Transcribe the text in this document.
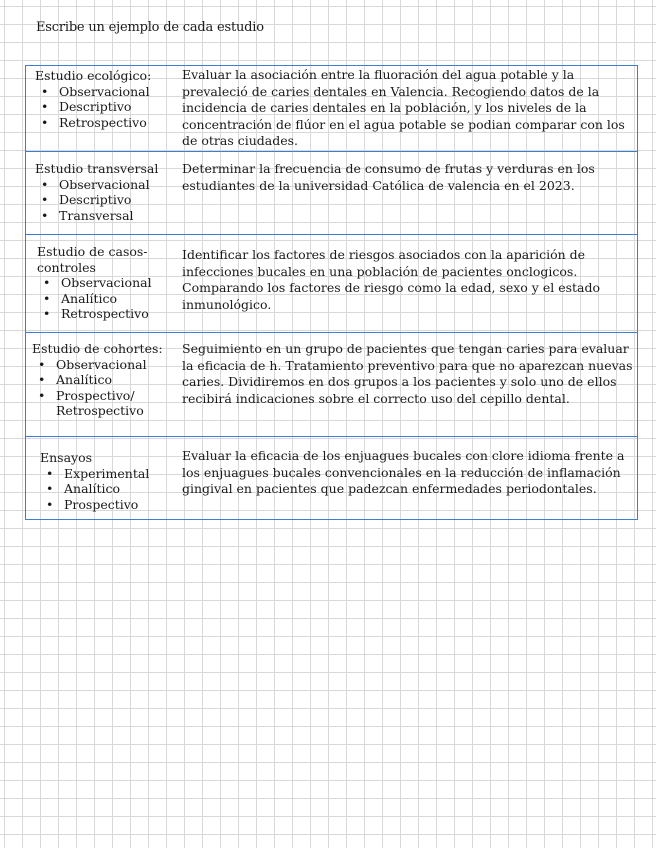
Escribe un ejemplo de cada estudio
Estudio ecológico:
• Observacional
• Descriptivo
• Retrospectivo
Evaluar la asociación entre la fluoración del agua potable y la prevaleció de caries dentales en Valencia. Recogiendo datos de la incidencia de caries dentales en la población, y los niveles de la concentración de flúor en el agua potable se podian comparar con los de otras ciudades.
Estudio transversal
• Observacional
• Descriptivo
• Transversal
Determinar la frecuencia de consumo de frutas y verduras en los estudiantes de la universidad Católica de valencia en el 2023.
Estudio de casos-controles
• Observacional
• Analítico
• Retrospectivo
Identificar los factores de riesgos asociados con la aparición de infecciones bucales en una población de pacientes onclogicos. Comparando los factores de riesgo como la edad, sexo y el estado inmunológico.
Estudio de cohortes:
• Observacional
• Analítico
• Prospectivo/ Retrospectivo
Seguimiento en un grupo de pacientes que tengan caries para evaluar la eficacia de h. Tratamiento preventivo para que no aparezcan nuevas caries. Dividiremos en dos grupos a los pacientes y solo uno de ellos recibirá indicaciones sobre el correcto uso del cepillo dental.
Ensayos
• Experimental
• Analítico
• Prospectivo
Evaluar la eficacia de los enjuagues bucales con clore idioma frente a los enjuagues bucales convencionales en la reducción de inflamación gingival en pacientes que padezcan enfermedades periodontales.
